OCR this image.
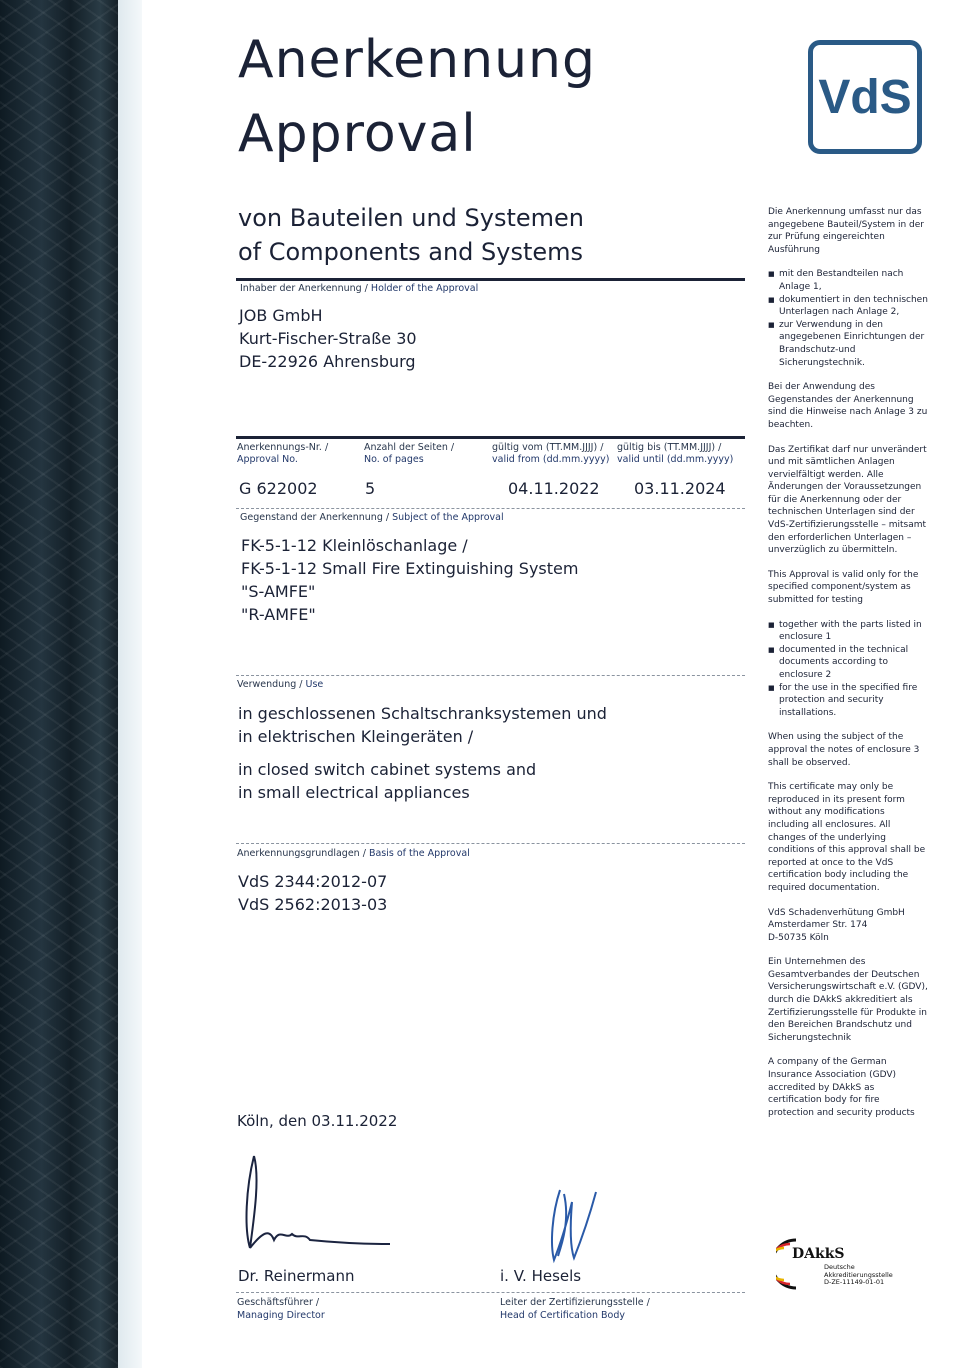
Anerkennung
Approval
VdS
von Bauteilen und Systemen
of Components and Systems
Inhaber der Anerkennung / Holder of the Approval
JOB GmbH
Kurt-Fischer-Straße 30
DE-22926 Ahrensburg
Anerkennungs-Nr. /
Approval No.
Anzahl der Seiten /
No. of pages
gültig vom (TT.MM.JJJJ) /
valid from (dd.mm.yyyy)
gültig bis (TT.MM.JJJJ) /
valid until (dd.mm.yyyy)
G 622002	5	04.11.2022 03.11.2024
Gegenstand der Anerkennung / Subject of the Approval
FK-5-1-12 Kleinlöschanlage /
FK-5-1-12 Small Fire Extinguishing System
"S-AMFE"
"R-AMFE"
Verwendung / Use
in geschlossenen Schaltschranksystemen und
in elektrischen Kleingeräten /
in closed switch cabinet systems and
in small electrical appliances
Anerkennungsgrundlagen / Basis of the Approval
VdS 2344:2012-07
VdS 2562:2013-03
Köln, den 03.11.2022
Dr. Reinermann	i. V. Hesels
Geschäftsführer /
Managing Director
Leiter der Zertifizierungsstelle /
Head of Certification Body

Die Anerkennung umfasst nur das angegebene Bauteil/System in der zur Prüfung eingereichten Ausführung

■ mit den Bestandteilen nach Anlage 1,
■ dokumentiert in den technischen Unterlagen nach Anlage 2,
■ zur Verwendung in den angegebenen Einrichtungen der Brandschutz-und Sicherungstechnik.

Bei der Anwendung des Gegenstandes der Anerkennung sind die Hinweise nach Anlage 3 zu beachten.

Das Zertifikat darf nur unverändert und mit sämtlichen Anlagen vervielfältigt werden. Alle Änderungen der Voraussetzungen für die Anerkennung oder der technischen Unterlagen sind der VdS-Zertifizierungsstelle – mitsamt den erforderlichen Unterlagen – unverzüglich zu übermitteln.

This Approval is valid only for the specified component/system as submitted for testing

■ together with the parts listed in enclosure 1
■ documented in the technical documents according to enclosure 2
■ for the use in the specified fire protection and security installations.

When using the subject of the approval the notes of enclosure 3 shall be observed.

This certificate may only be reproduced in its present form without any modifications including all enclosures. All changes of the underlying conditions of this approval shall be reported at once to the VdS certification body including the required documentation.

VdS Schadenverhütung GmbH
Amsterdamer Str. 174
D-50735 Köln

Ein Unternehmen des Gesamtverbandes der Deutschen Versicherungswirtschaft e.V. (GDV), durch die DAkkS akkreditiert als Zertifizierungsstelle für Produkte in den Bereichen Brandschutz und Sicherungstechnik

A company of the German Insurance Association (GDV) accredited by DAkkS as certification body for fire protection and security products

DAkkS
Deutsche
Akkreditierungsstelle
D-ZE-11149-01-01
